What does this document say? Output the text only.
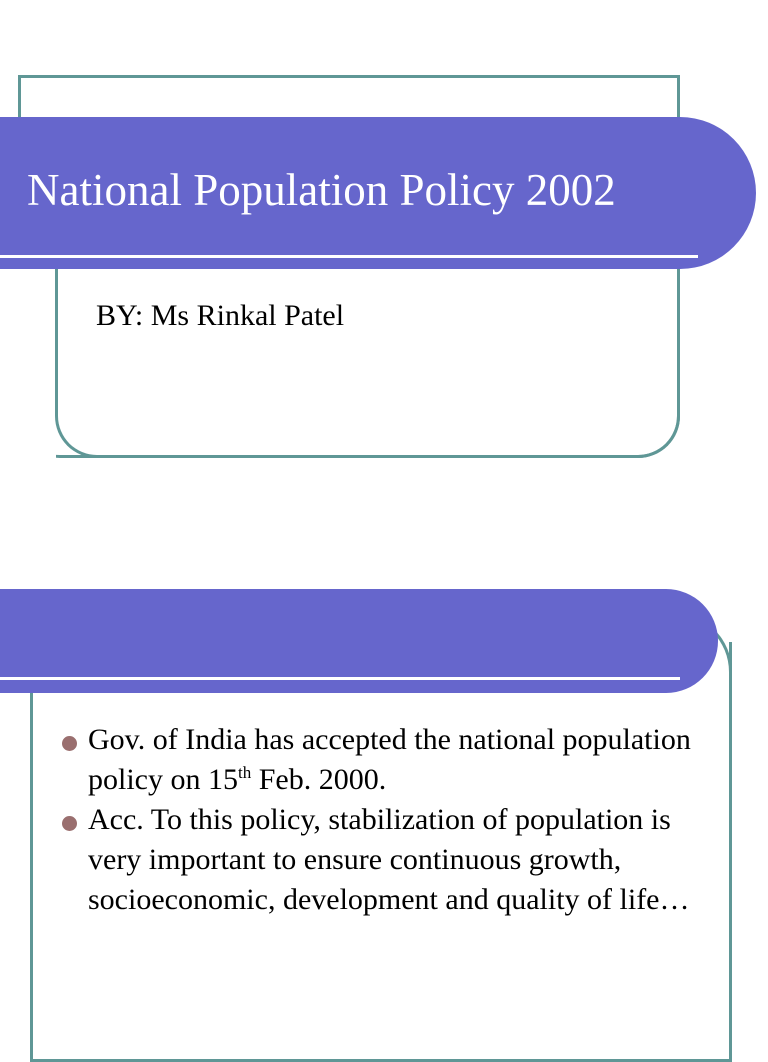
National Population Policy 2002

BY: Ms Rinkal Patel

Gov. of India has accepted the national population policy on 15th Feb. 2000.
Acc. To this policy, stabilization of population is very important to ensure continuous growth, socioeconomic, development and quality of life…
